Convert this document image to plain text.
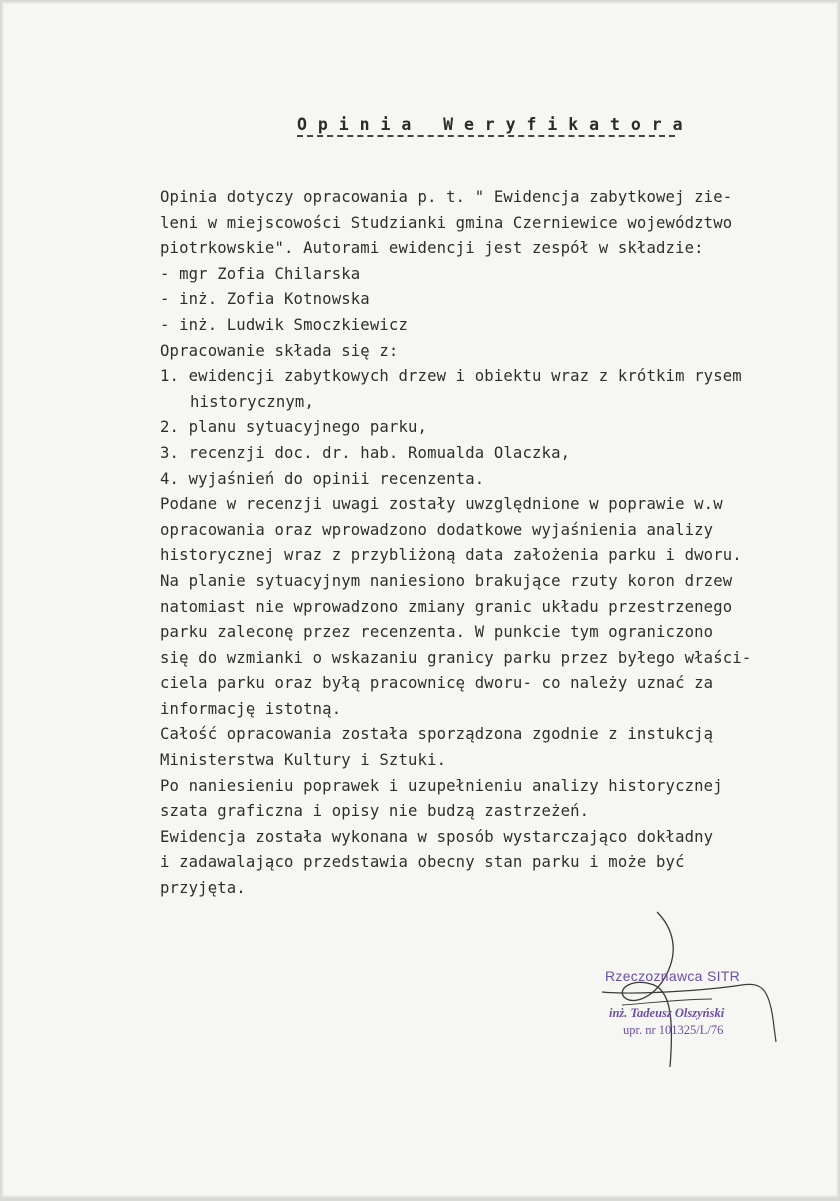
O p i n i a   W e r y f i k a t o r a
Opinia dotyczy opracowania p. t. " Ewidencja zabytkowej zie-
leni w miejscowości Studzianki gmina Czerniewice województwo
piotrkowskie". Autorami ewidencji jest zespół w składzie:
- mgr Zofia Chilarska
- inż. Zofia Kotnowska
- inż. Ludwik Smoczkiewicz
Opracowanie składa się z:
1. ewidencji zabytkowych drzew i obiektu wraz z krótkim rysem
historycznym,
2. planu sytuacyjnego parku,
3. recenzji doc. dr. hab. Romualda Olaczka,
4. wyjaśnień do opinii recenzenta.
Podane w recenzji uwagi zostały uwzględnione w poprawie w.w
opracowania oraz wprowadzono dodatkowe wyjaśnienia analizy
historycznej wraz z przybliżoną data założenia parku i dworu.
Na planie sytuacyjnym naniesiono brakujące rzuty koron drzew
natomiast nie wprowadzono zmiany granic układu przestrzenego
parku zaleconę przez recenzenta. W punkcie tym ograniczono
się do wzmianki o wskazaniu granicy parku przez byłego właści-
ciela parku oraz byłą pracownicę dworu- co należy uznać za
informację istotną.
Całość opracowania została sporządzona zgodnie z instukcją
Ministerstwa Kultury i Sztuki.
Po naniesieniu poprawek i uzupełnieniu analizy historycznej
szata graficzna i opisy nie budzą zastrzeżeń.
Ewidencja została wykonana w sposób wystarczająco dokładny
i zadawalająco przedstawia obecny stan parku i może być
przyjęta.
Rzeczoznawca SITR
inż. Tadeusz Olszyński
upr. nr 101325/L/76
